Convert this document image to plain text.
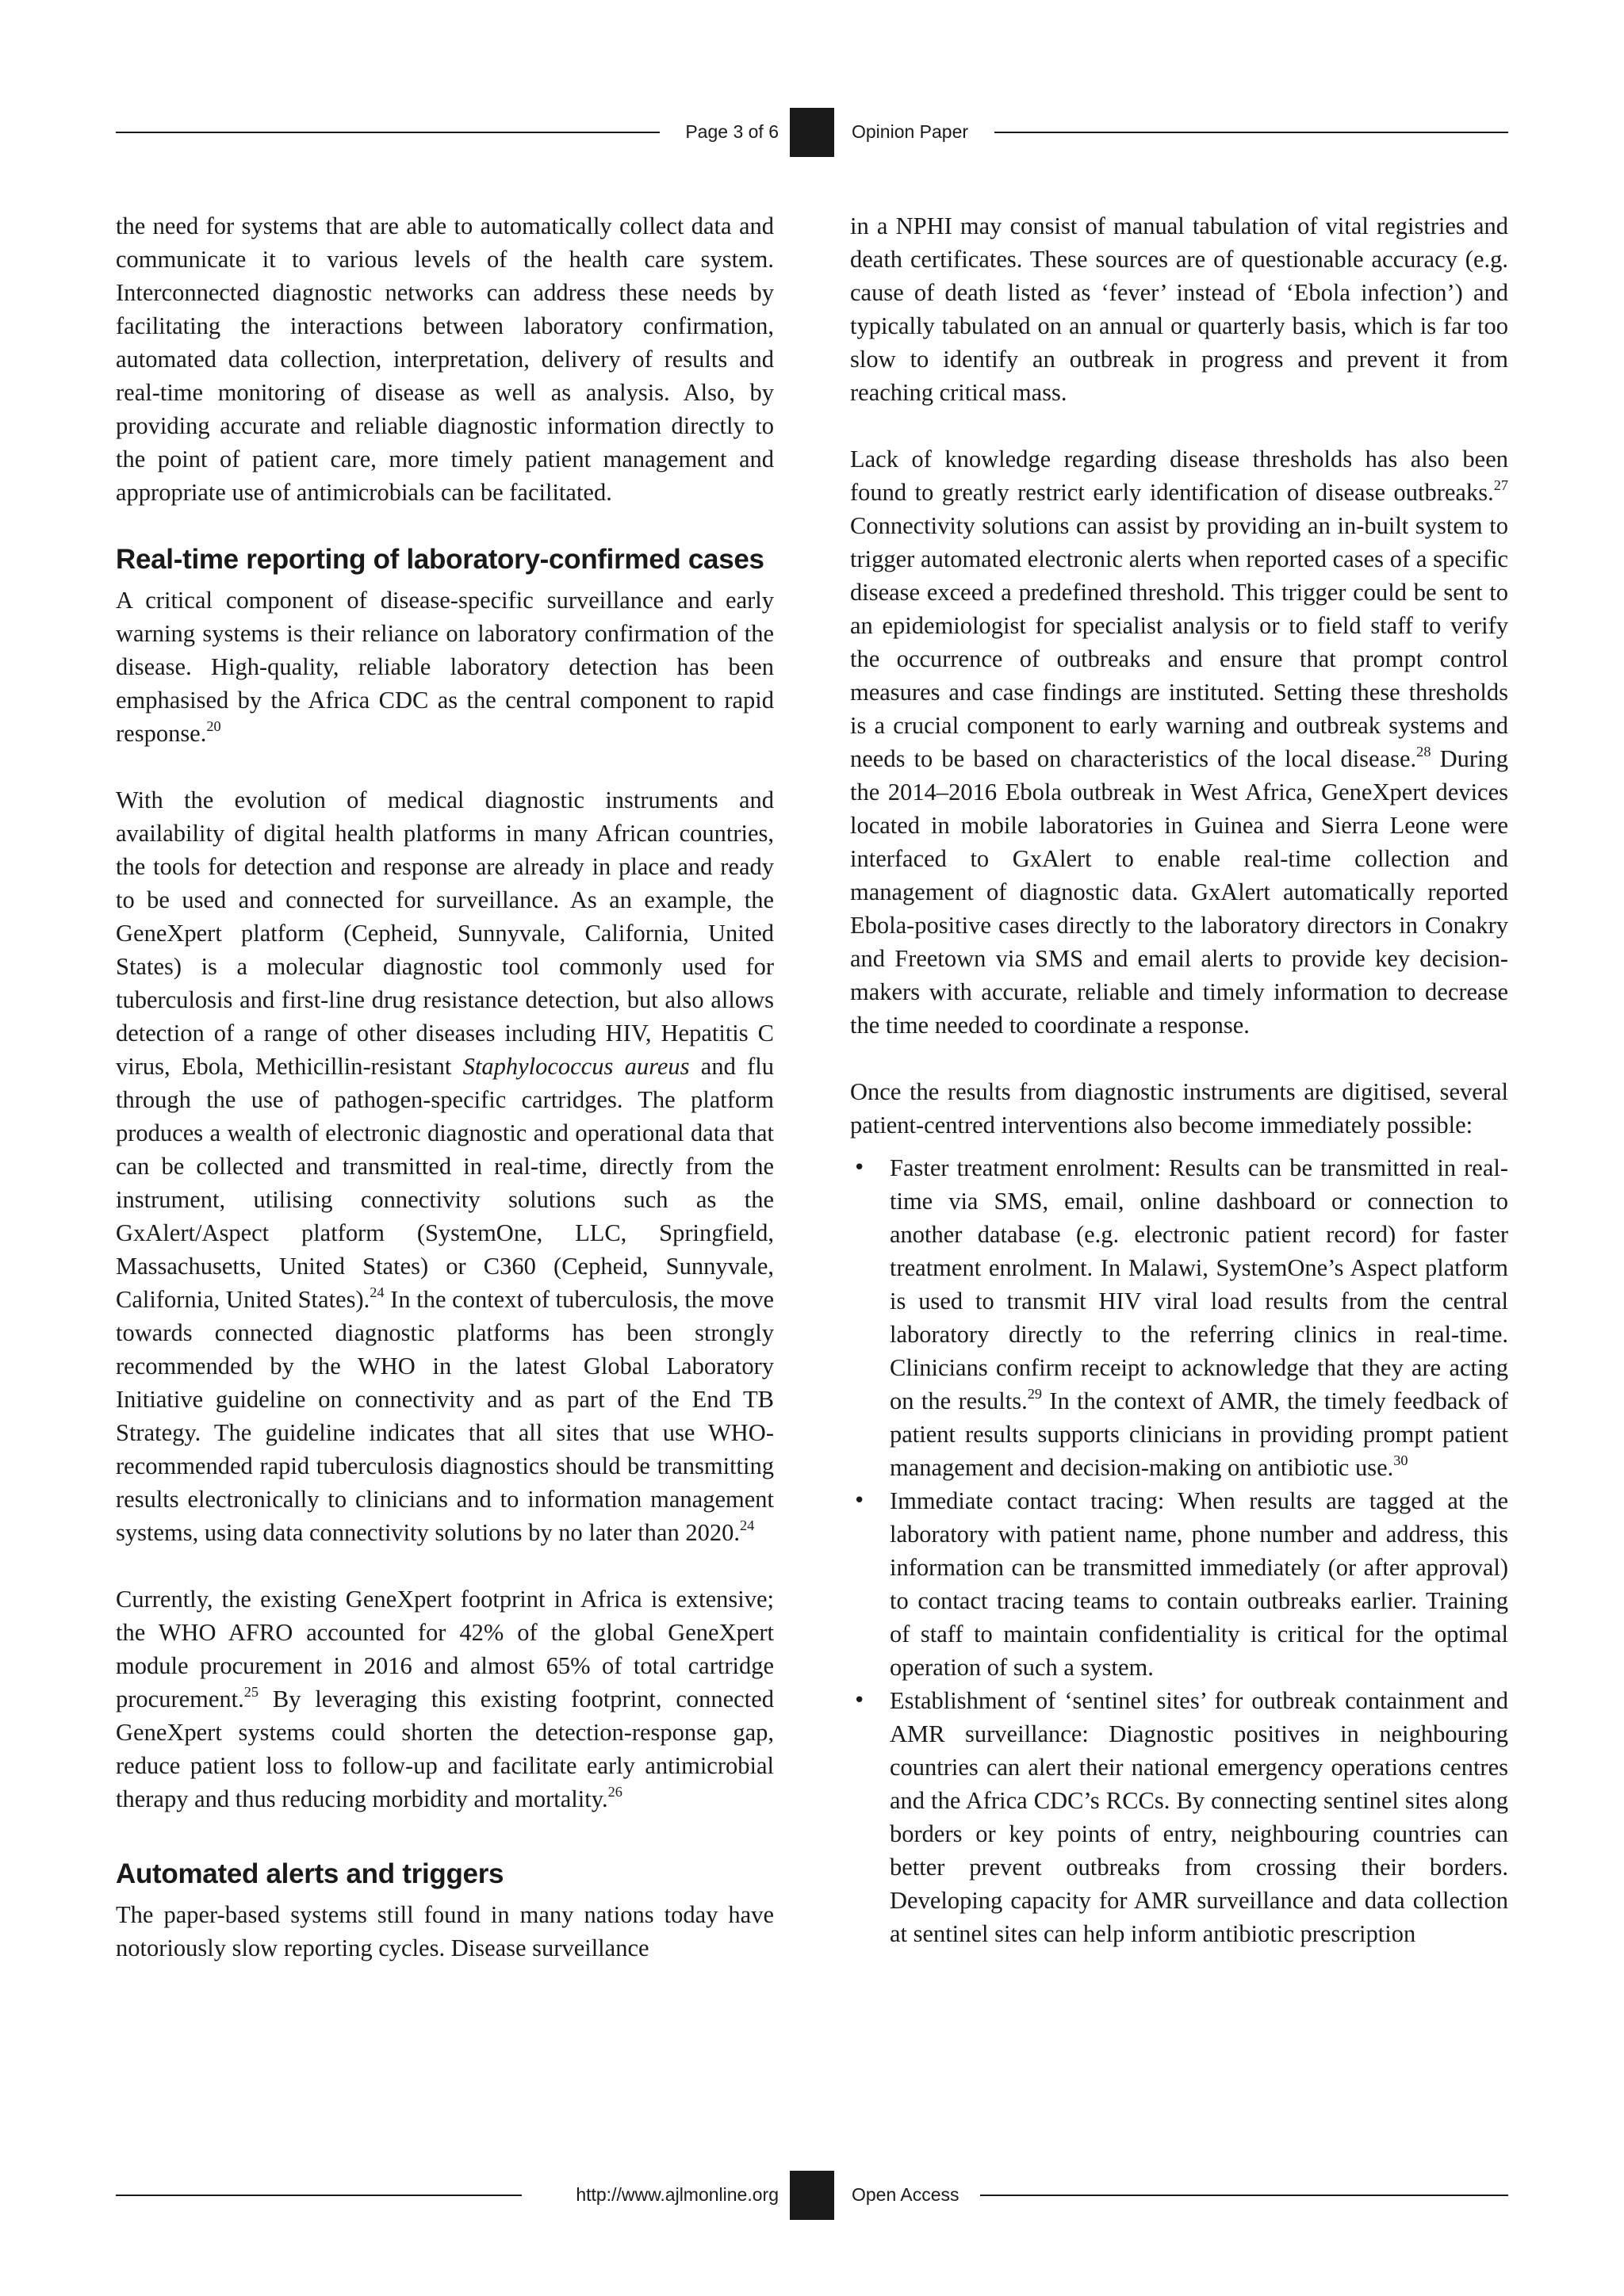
Page 3 of 6	Opinion Paper

the need for systems that are able to automatically collect data and communicate it to various levels of the health care system. Interconnected diagnostic networks can address these needs by facilitating the interactions between laboratory confirmation, automated data collection, interpretation, delivery of results and real-time monitoring of disease as well as analysis. Also, by providing accurate and reliable diagnostic information directly to the point of patient care, more timely patient management and appropriate use of antimicrobials can be facilitated.

Real-time reporting of laboratory-confirmed cases

A critical component of disease-specific surveillance and early warning systems is their reliance on laboratory confirmation of the disease. High-quality, reliable laboratory detection has been emphasised by the Africa CDC as the central component to rapid response.$^{20}$

With the evolution of medical diagnostic instruments and availability of digital health platforms in many African countries, the tools for detection and response are already in place and ready to be used and connected for surveillance. As an example, the GeneXpert platform (Cepheid, Sunnyvale, California, United States) is a molecular diagnostic tool commonly used for tuberculosis and first-line drug resistance detection, but also allows detection of a range of other diseases including HIV, Hepatitis C virus, Ebola, Methicillin-resistant Staphylococcus aureus and flu through the use of pathogen-specific cartridges. The platform produces a wealth of electronic diagnostic and operational data that can be collected and transmitted in real-time, directly from the instrument, utilising connectivity solutions such as the GxAlert/Aspect platform (SystemOne, LLC, Springfield, Massachusetts, United States) or C360 (Cepheid, Sunnyvale, California, United States).$^{24}$ In the context of tuberculosis, the move towards connected diagnostic platforms has been strongly recommended by the WHO in the latest Global Laboratory Initiative guideline on connectivity and as part of the End TB Strategy. The guideline indicates that all sites that use WHO-recommended rapid tuberculosis diagnostics should be transmitting results electronically to clinicians and to information management systems, using data connectivity solutions by no later than 2020.24

Currently, the existing GeneXpert footprint in Africa is extensive; the WHO AFRO accounted for 42% of the global GeneXpert module procurement in 2016 and almost 65% of total cartridge procurement.$^{25}$ By leveraging this existing footprint, connected GeneXpert systems could shorten the detection-response gap, reduce patient loss to follow-up and facilitate early antimicrobial therapy and thus reducing morbidity and mortality.$^{26}$

Automated alerts and triggers

The paper-based systems still found in many nations today have notoriously slow reporting cycles. Disease surveillance

in a NPHI may consist of manual tabulation of vital registries and death certificates. These sources are of questionable accuracy (e.g. cause of death listed as ‘fever’ instead of ‘Ebola infection’) and typically tabulated on an annual or quarterly basis, which is far too slow to identify an outbreak in progress and prevent it from reaching critical mass.

Lack of knowledge regarding disease thresholds has also been found to greatly restrict early identification of disease outbreaks.$^{27}$ Connectivity solutions can assist by providing an in-built system to trigger automated electronic alerts when reported cases of a specific disease exceed a predefined threshold. This trigger could be sent to an epidemiologist for specialist analysis or to field staff to verify the occurrence of outbreaks and ensure that prompt control measures and case findings are instituted. Setting these thresholds is a crucial component to early warning and outbreak systems and needs to be based on characteristics of the local disease.$^{28}$ During the 2014–2016 Ebola outbreak in West Africa, GeneXpert devices located in mobile laboratories in Guinea and Sierra Leone were interfaced to GxAlert to enable real-time collection and management of diagnostic data. GxAlert automatically reported Ebola-positive cases directly to the laboratory directors in Conakry and Freetown via SMS and email alerts to provide key decision-makers with accurate, reliable and timely information to decrease the time needed to coordinate a response.

Once the results from diagnostic instruments are digitised, several patient-centred interventions also become immediately possible:

• Faster treatment enrolment: Results can be transmitted in real-time via SMS, email, online dashboard or connection to another database (e.g. electronic patient record) for faster treatment enrolment. In Malawi, SystemOne’s Aspect platform is used to transmit HIV viral load results from the central laboratory directly to the referring clinics in real-time. Clinicians confirm receipt to acknowledge that they are acting on the results.$^{29}$ In the context of AMR, the timely feedback of patient results supports clinicians in providing prompt patient management and decision-making on antibiotic use.$^{30}$
• Immediate contact tracing: When results are tagged at the laboratory with patient name, phone number and address, this information can be transmitted immediately (or after approval) to contact tracing teams to contain outbreaks earlier. Training of staff to maintain confidentiality is critical for the optimal operation of such a system.
• Establishment of ‘sentinel sites’ for outbreak containment and AMR surveillance: Diagnostic positives in neighbouring countries can alert their national emergency operations centres and the Africa CDC’s RCCs. By connecting sentinel sites along borders or key points of entry, neighbouring countries can better prevent outbreaks from crossing their borders. Developing capacity for AMR surveillance and data collection at sentinel sites can help inform antibiotic prescription
http://www.ajlmonline.org	Open Access
